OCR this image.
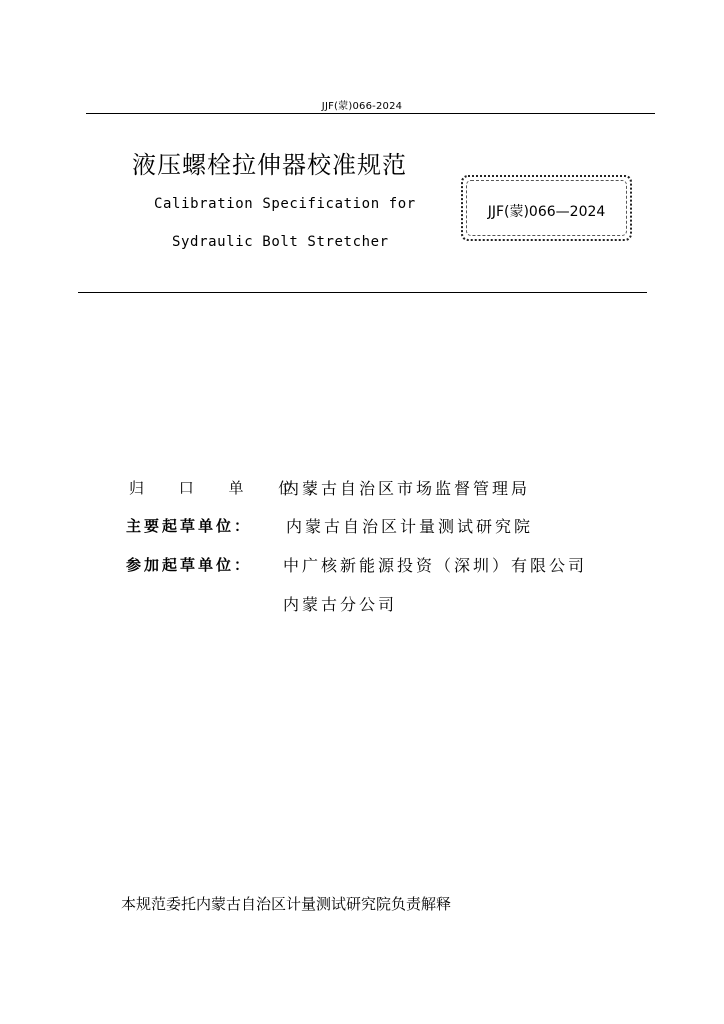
JJF(蒙)066-2024
液压螺栓拉伸器校准规范
Calibration Specification for
Sydraulic Bolt Stretcher
JJF(蒙)066—2024
归 口 单 位：
内蒙古自治区市场监督管理局
主要起草单位： 内蒙古自治区计量测试研究院
参加起草单位： 中广核新能源投资（深圳）有限公司
内蒙古分公司
本规范委托内蒙古自治区计量测试研究院负责解释
